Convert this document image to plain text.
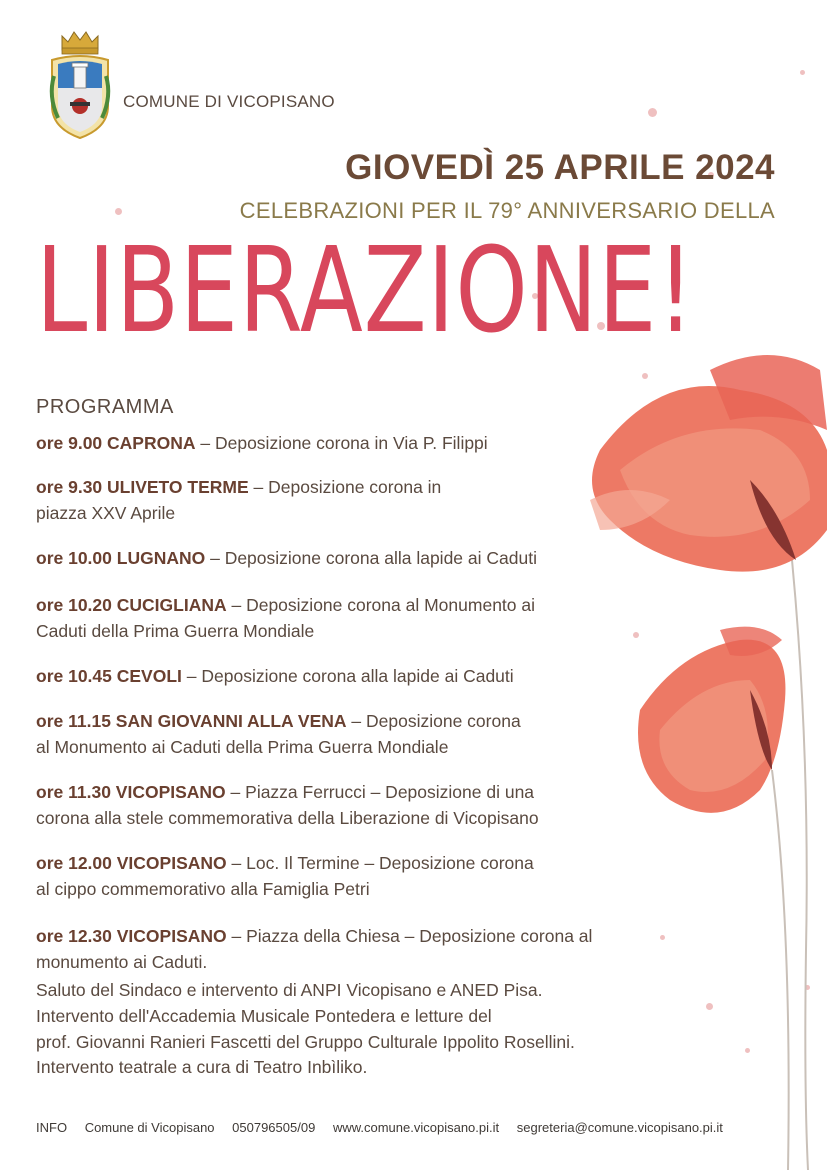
COMUNE DI VICOPISANO
GIOVEDÌ 25 APRILE 2024
CELEBRAZIONI PER IL 79° ANNIVERSARIO DELLA
LIBERAZIONE!
PROGRAMMA
ore 9.00 CAPRONA – Deposizione corona in Via P. Filippi
ore 9.30 ULIVETO TERME – Deposizione corona in
piazza XXV Aprile
ore 10.00 LUGNANO – Deposizione corona alla lapide ai Caduti
ore 10.20 CUCIGLIANA – Deposizione corona al Monumento ai
Caduti della Prima Guerra Mondiale
ore 10.45 CEVOLI – Deposizione corona alla lapide ai Caduti
ore 11.15 SAN GIOVANNI ALLA VENA – Deposizione corona
al Monumento ai Caduti della Prima Guerra Mondiale
ore 11.30 VICOPISANO – Piazza Ferrucci – Deposizione di una
corona alla stele commemorativa della Liberazione di Vicopisano
ore 12.00 VICOPISANO – Loc. Il Termine – Deposizione corona
al cippo commemorativo alla Famiglia Petri
ore 12.30 VICOPISANO – Piazza della Chiesa – Deposizione corona al
monumento ai Caduti.
Saluto del Sindaco e intervento di ANPI Vicopisano e ANED Pisa.
Intervento dell'Accademia Musicale Pontedera e letture del
prof. Giovanni Ranieri Fascetti del Gruppo Culturale Ippolito Rosellini.
Intervento teatrale a cura di Teatro Inbìliko.
INFO Comune di Vicopisano 050796505/09 www.comune.vicopisano.pi.it segreteria@comune.vicopisano.pi.it
